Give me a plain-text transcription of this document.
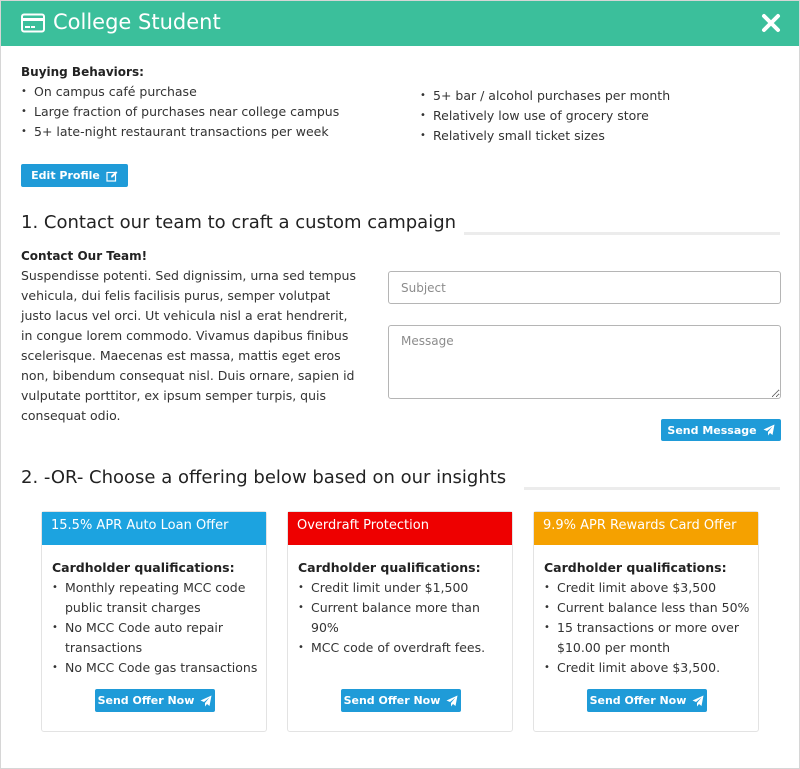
College Student
Buying Behaviors:
• On campus café purchase
• Large fraction of purchases near college campus
• 5+ late-night restaurant transactions per week
• 5+ bar / alcohol purchases per month
• Relatively low use of grocery store
• Relatively small ticket sizes
Edit Profile
1. Contact our team to craft a custom campaign
Contact Our Team!
Suspendisse potenti. Sed dignissim, urna sed tempus vehicula, dui felis facilisis purus, semper volutpat justo lacus vel orci. Ut vehicula nisl a erat hendrerit, in congue lorem commodo. Vivamus dapibus finibus scelerisque. Maecenas est massa, mattis eget eros non, bibendum consequat nisl. Duis ornare, sapien id vulputate porttitor, ex ipsum semper turpis, quis consequat odio.
Subject
Message
Send Message
2. -OR- Choose a offering below based on our insights
15.5% APR Auto Loan Offer
Cardholder qualifications:
• Monthly repeating MCC code public transit charges
• No MCC Code auto repair transactions
• No MCC Code gas transactions
Send Offer Now
Overdraft Protection
Cardholder qualifications:
• Credit limit under $1,500
• Current balance more than 90%
• MCC code of overdraft fees.
Send Offer Now
9.9% APR Rewards Card Offer
Cardholder qualifications:
• Credit limit above $3,500
• Current balance less than 50%
• 15 transactions or more over $10.00 per month
• Credit limit above $3,500.
Send Offer Now
